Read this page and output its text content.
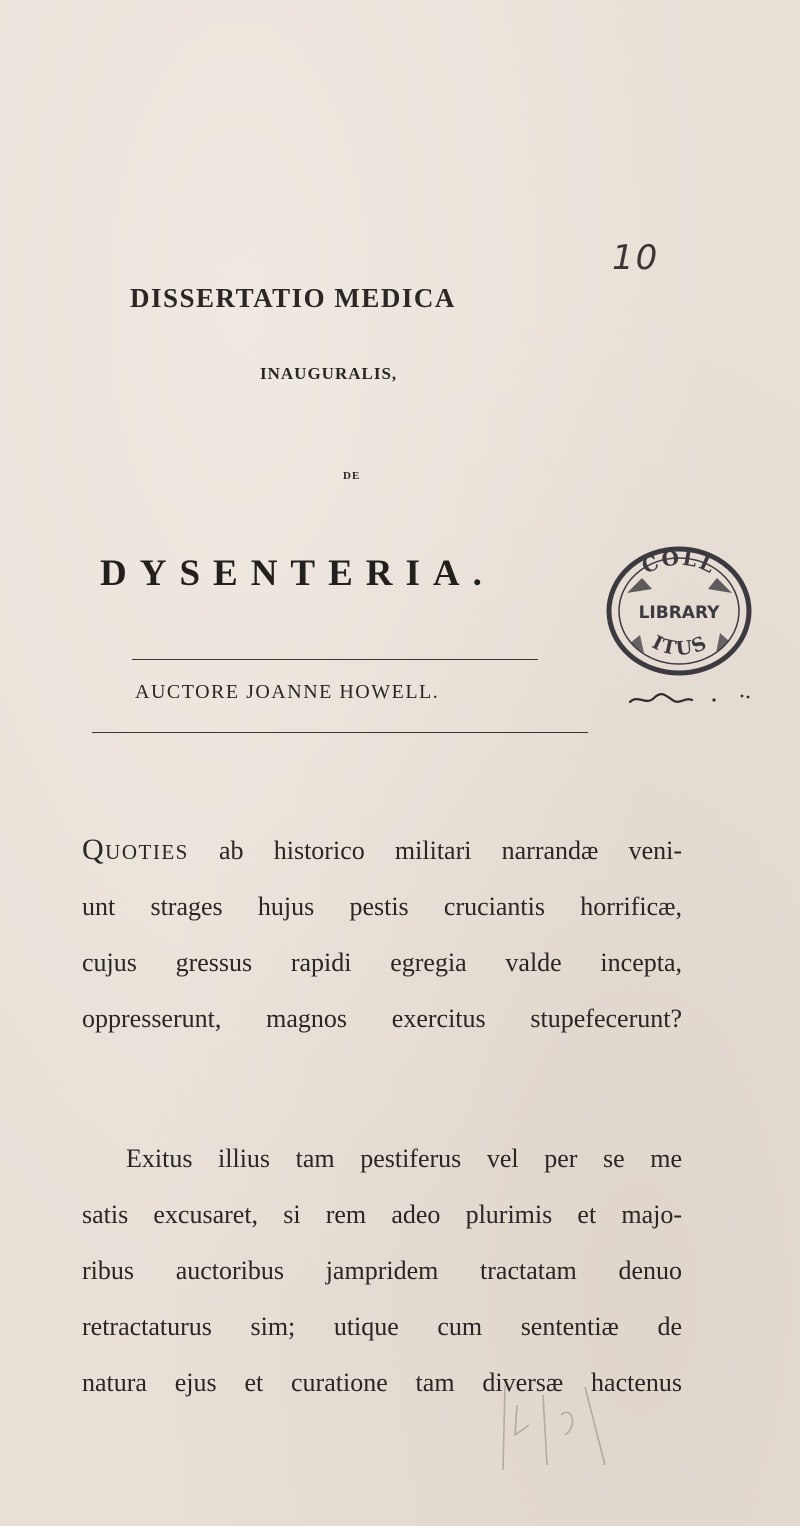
10
DISSERTATIO MEDICA
INAUGURALIS,
DE
DYSENTERIA.
AUCTORE JOANNE HOWELL.
COLL
LIBRARY
ITUS
Quoties ab historico militari narrandæ veni-
unt strages hujus pestis cruciantis horrificæ,
cujus gressus rapidi egregia valde incepta,
oppresserunt, magnos exercitus stupefecerunt?
Exitus illius tam pestiferus vel per se me
satis excusaret, si rem adeo plurimis et majo-
ribus auctoribus jampridem tractatam denuo
retractaturus sim; utique cum sententiæ de
natura ejus et curatione tam diversæ hactenus
